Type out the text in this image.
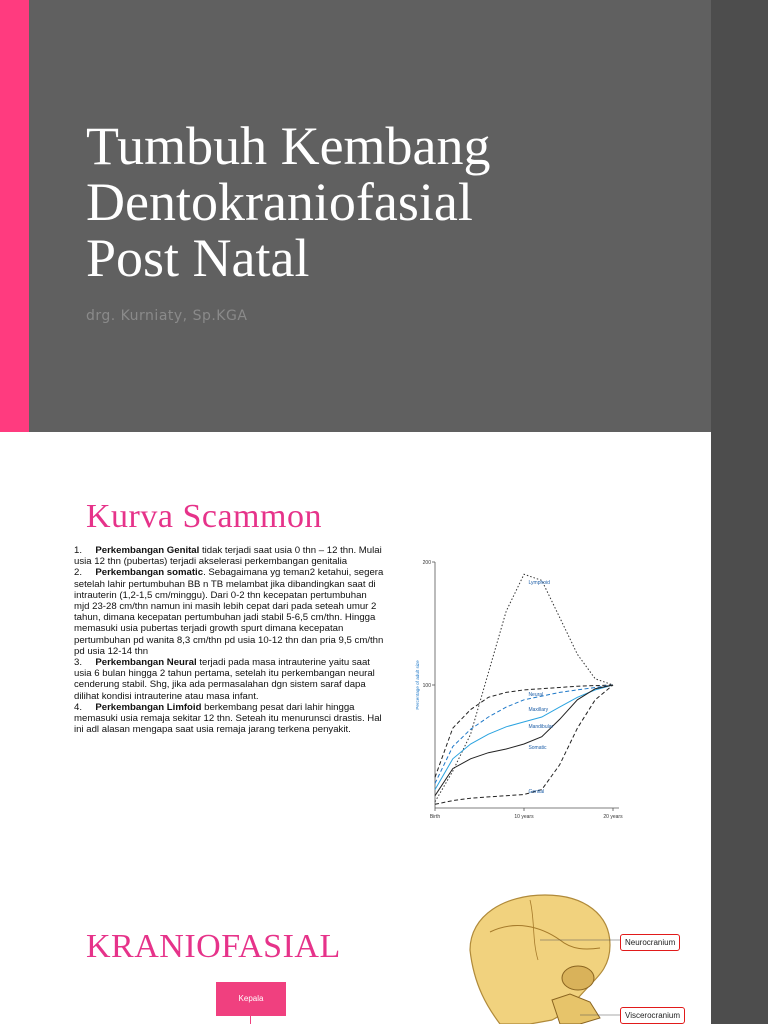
Tumbuh Kembang
Dentokraniofasial
Post Natal
drg. Kurniaty, Sp.KGA
Kurva Scammon

1. Perkembangan Genital tidak terjadi saat usia 0 thn – 12 thn. Mulai usia 12 thn (pubertas) terjadi akselerasi perkembangan genitalia

2. Perkembangan somatic. Sebagaimana yg teman2 ketahui, segera setelah lahir pertumbuhan BB n TB melambat jika dibandingkan saat di intrauterin (1,2-1,5 cm/minggu). Dari 0-2 thn kecepatan pertumbuhan mjd 23-28 cm/thn namun ini masih lebih cepat dari pada seteah umur 2 tahun, dimana kecepatan pertumbuhan jadi stabil 5-6,5 cm/thn. Hingga memasuki usia pubertas terjadi growth spurt dimana kecepatan pertumbuhan pd wanita 8,3 cm/thn pd usia 10-12 thn dan pria 9,5 cm/thn pd usia 12-14 thn

3. Perkembangan Neural terjadi pada masa intrauterine yaitu saat usia 6 bulan hingga 2 tahun pertama, setelah itu perkembangan neural cenderung stabil. Shg, jika ada permasalahan dgn sistem saraf dapa dilihat kondisi intrauterine atau masa infant.

4. Perkembangan Limfoid berkembang pesat dari lahir hingga memasuki usia remaja sekitar 12 thn. Seteah itu menurunsci drastis. Hal ini adl alasan mengapa saat usia remaja jarang terkena penyakit.

100
200
Birth	10 years	20 years
Percentage of adult size
Lymphoid
Neural
Maxillary
Mandibular
Somatic
Genital
KRANIOFASIAL
Kepala
Neurocranium
Viscerocranium
